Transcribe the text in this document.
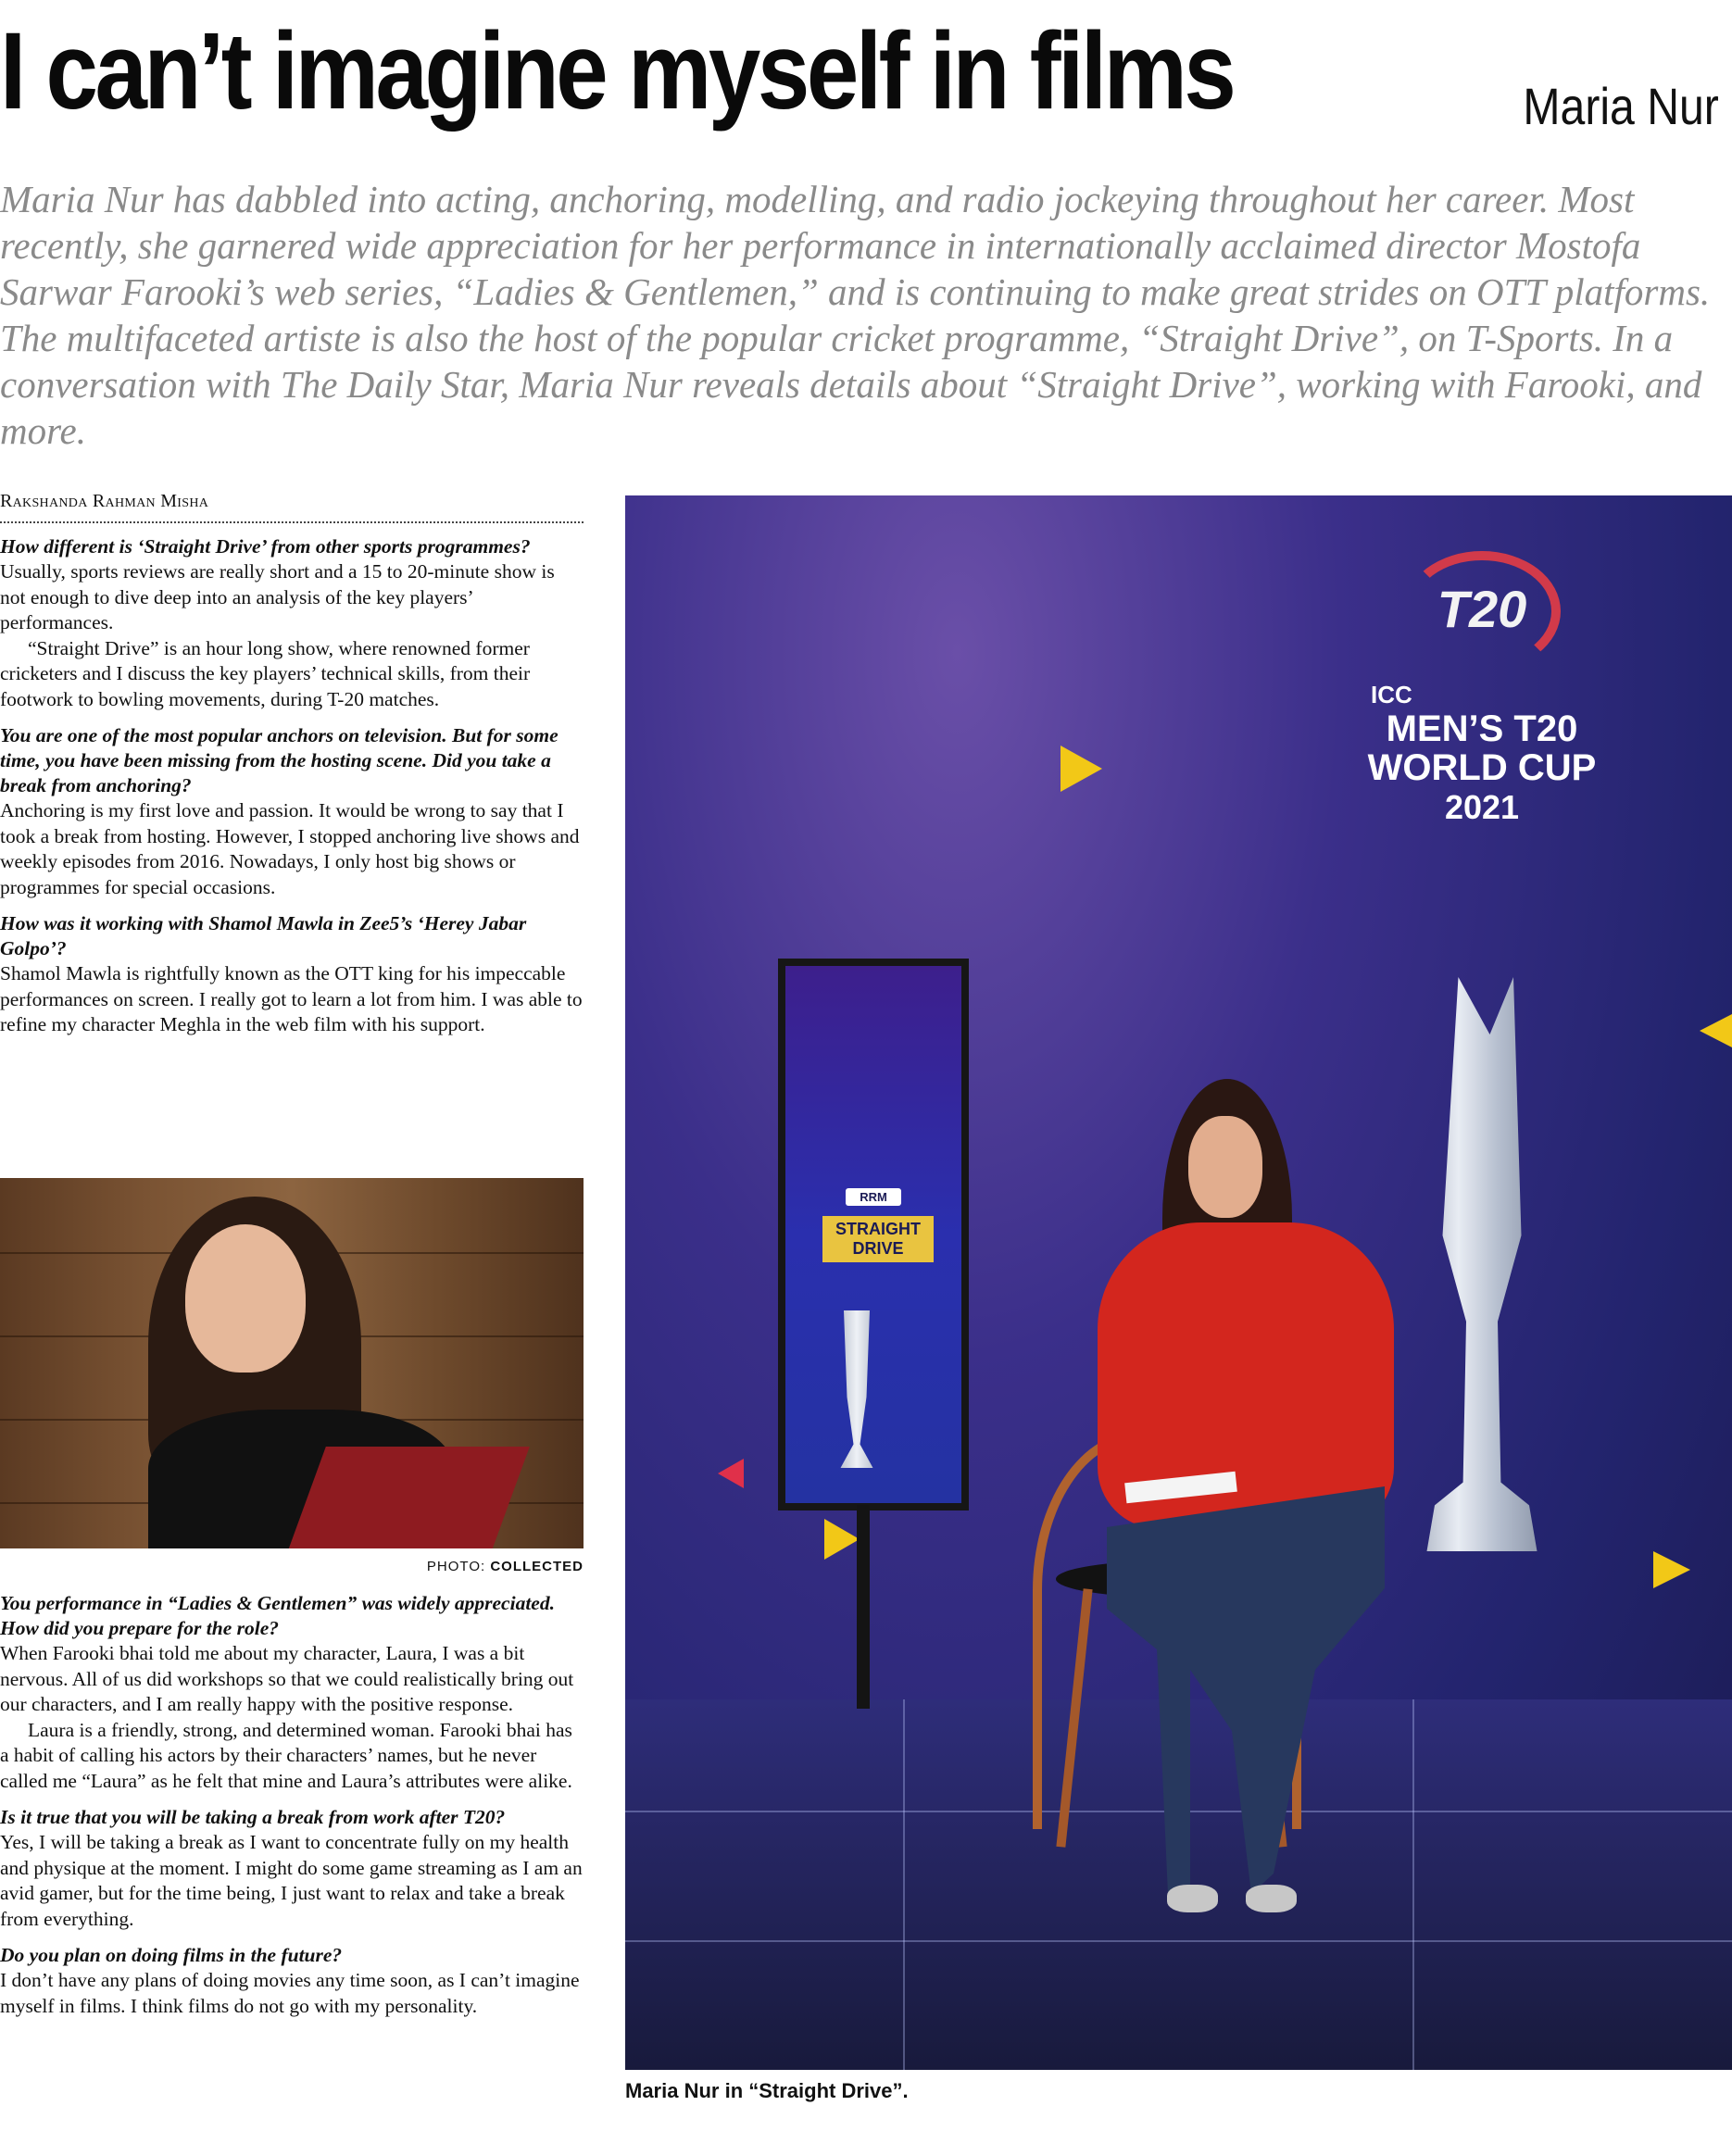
I can’t imagine myself in films	Maria Nur

Maria Nur has dabbled into acting, anchoring, modelling, and radio jockeying throughout her career. Most recently, she garnered wide appreciation for her performance in internationally acclaimed director Mostofa Sarwar Farooki’s web series, “Ladies & Gentlemen,” and is continuing to make great strides on OTT platforms. The multifaceted artiste is also the host of the popular cricket programme, “Straight Drive”, on T-Sports. In a conversation with The Daily Star, Maria Nur reveals details about “Straight Drive”, working with Farooki, and more.

Rakshanda Rahman Misha

How different is ‘Straight Drive’ from other sports programmes?

Usually, sports reviews are really short and a 15 to 20-minute show is not enough to dive deep into an analysis of the key players’ performances.

“Straight Drive” is an hour long show, where renowned former cricketers and I discuss the key players’ technical skills, from their footwork to bowling movements, during T-20 matches.

You are one of the most popular anchors on television. But for some time, you have been missing from the hosting scene. Did you take a break from anchoring?

Anchoring is my first love and passion. It would be wrong to say that I took a break from hosting. However, I stopped anchoring live shows and weekly episodes from 2016. Nowadays, I only host big shows or programmes for special occasions.

How was it working with Shamol Mawla in Zee5’s ‘Herey Jabar Golpo’?

Shamol Mawla is rightfully known as the OTT king for his impeccable performances on screen. I really got to learn a lot from him. I was able to refine my character Meghla in the web film with his support.

PHOTO: COLLECTED

You performance in “Ladies & Gentlemen” was widely appreciated. How did you prepare for the role?

When Farooki bhai told me about my character, Laura, I was a bit nervous. All of us did workshops so that we could realistically bring out our characters, and I am really happy with the positive response.

Laura is a friendly, strong, and determined woman. Farooki bhai has a habit of calling his actors by their characters’ names, but he never called me “Laura” as he felt that mine and Laura’s attributes were alike.

Is it true that you will be taking a break from work after T20?

Yes, I will be taking a break as I want to concentrate fully on my health and physique at the moment. I might do some game streaming as I am an avid gamer, but for the time being, I just want to relax and take a break from everything.

Do you plan on doing films in the future?

I don’t have any plans of doing movies any time soon, as I can’t imagine myself in films. I think films do not go with my personality.

T20
ICC
MEN’S T20
WORLD CUP
2021
RRM
STRAIGHT DRIVE
Maria Nur in “Straight Drive”.
